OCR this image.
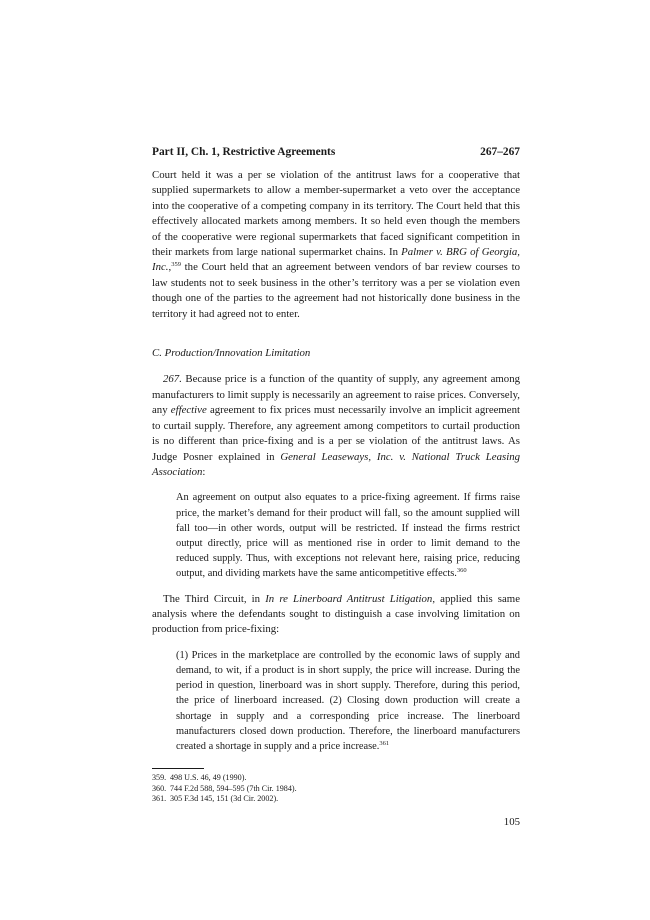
Part II, Ch. 1, Restrictive Agreements	267–267

Court held it was a per se violation of the antitrust laws for a cooperative that supplied supermarkets to allow a member-supermarket a veto over the acceptance into the cooperative of a competing company in its territory. The Court held that this effectively allocated markets among members. It so held even though the members of the cooperative were regional supermarkets that faced significant competition in their markets from large national supermarket chains. In Palmer v. BRG of Georgia, Inc.,$^{359}$ the Court held that an agreement between vendors of bar review courses to law students not to seek business in the other’s territory was a per se violation even though one of the parties to the agreement had not historically done business in the territory it had agreed not to enter.

C. Production/Innovation Limitation

267. Because price is a function of the quantity of supply, any agreement among manufacturers to limit supply is necessarily an agreement to raise prices. Conversely, any effective agreement to fix prices must necessarily involve an implicit agreement to curtail supply. Therefore, any agreement among competitors to curtail production is no different than price-fixing and is a per se violation of the antitrust laws. As Judge Posner explained in General Leaseways, Inc. v. National Truck Leasing Association:

An agreement on output also equates to a price-fixing agreement. If firms raise price, the market’s demand for their product will fall, so the amount supplied will fall too—in other words, output will be restricted. If instead the firms restrict output directly, price will as mentioned rise in order to limit demand to the reduced supply. Thus, with exceptions not relevant here, raising price, reducing output, and dividing markets have the same anticompetitive effects.$^{360}$

The Third Circuit, in In re Linerboard Antitrust Litigation, applied this same analysis where the defendants sought to distinguish a case involving limitation on production from price-fixing:

(1) Prices in the marketplace are controlled by the economic laws of supply and demand, to wit, if a product is in short supply, the price will increase. During the period in question, linerboard was in short supply. Therefore, during this period, the price of linerboard increased. (2) Closing down production will create a shortage in supply and a corresponding price increase. The linerboard manufacturers closed down production. Therefore, the linerboard manufacturers created a shortage in supply and a price increase.$^{361}$

359. 498 U.S. 46, 49 (1990).
360. 744 F.2d 588, 594–595 (7th Cir. 1984).
361. 305 F.3d 145, 151 (3d Cir. 2002).
105
